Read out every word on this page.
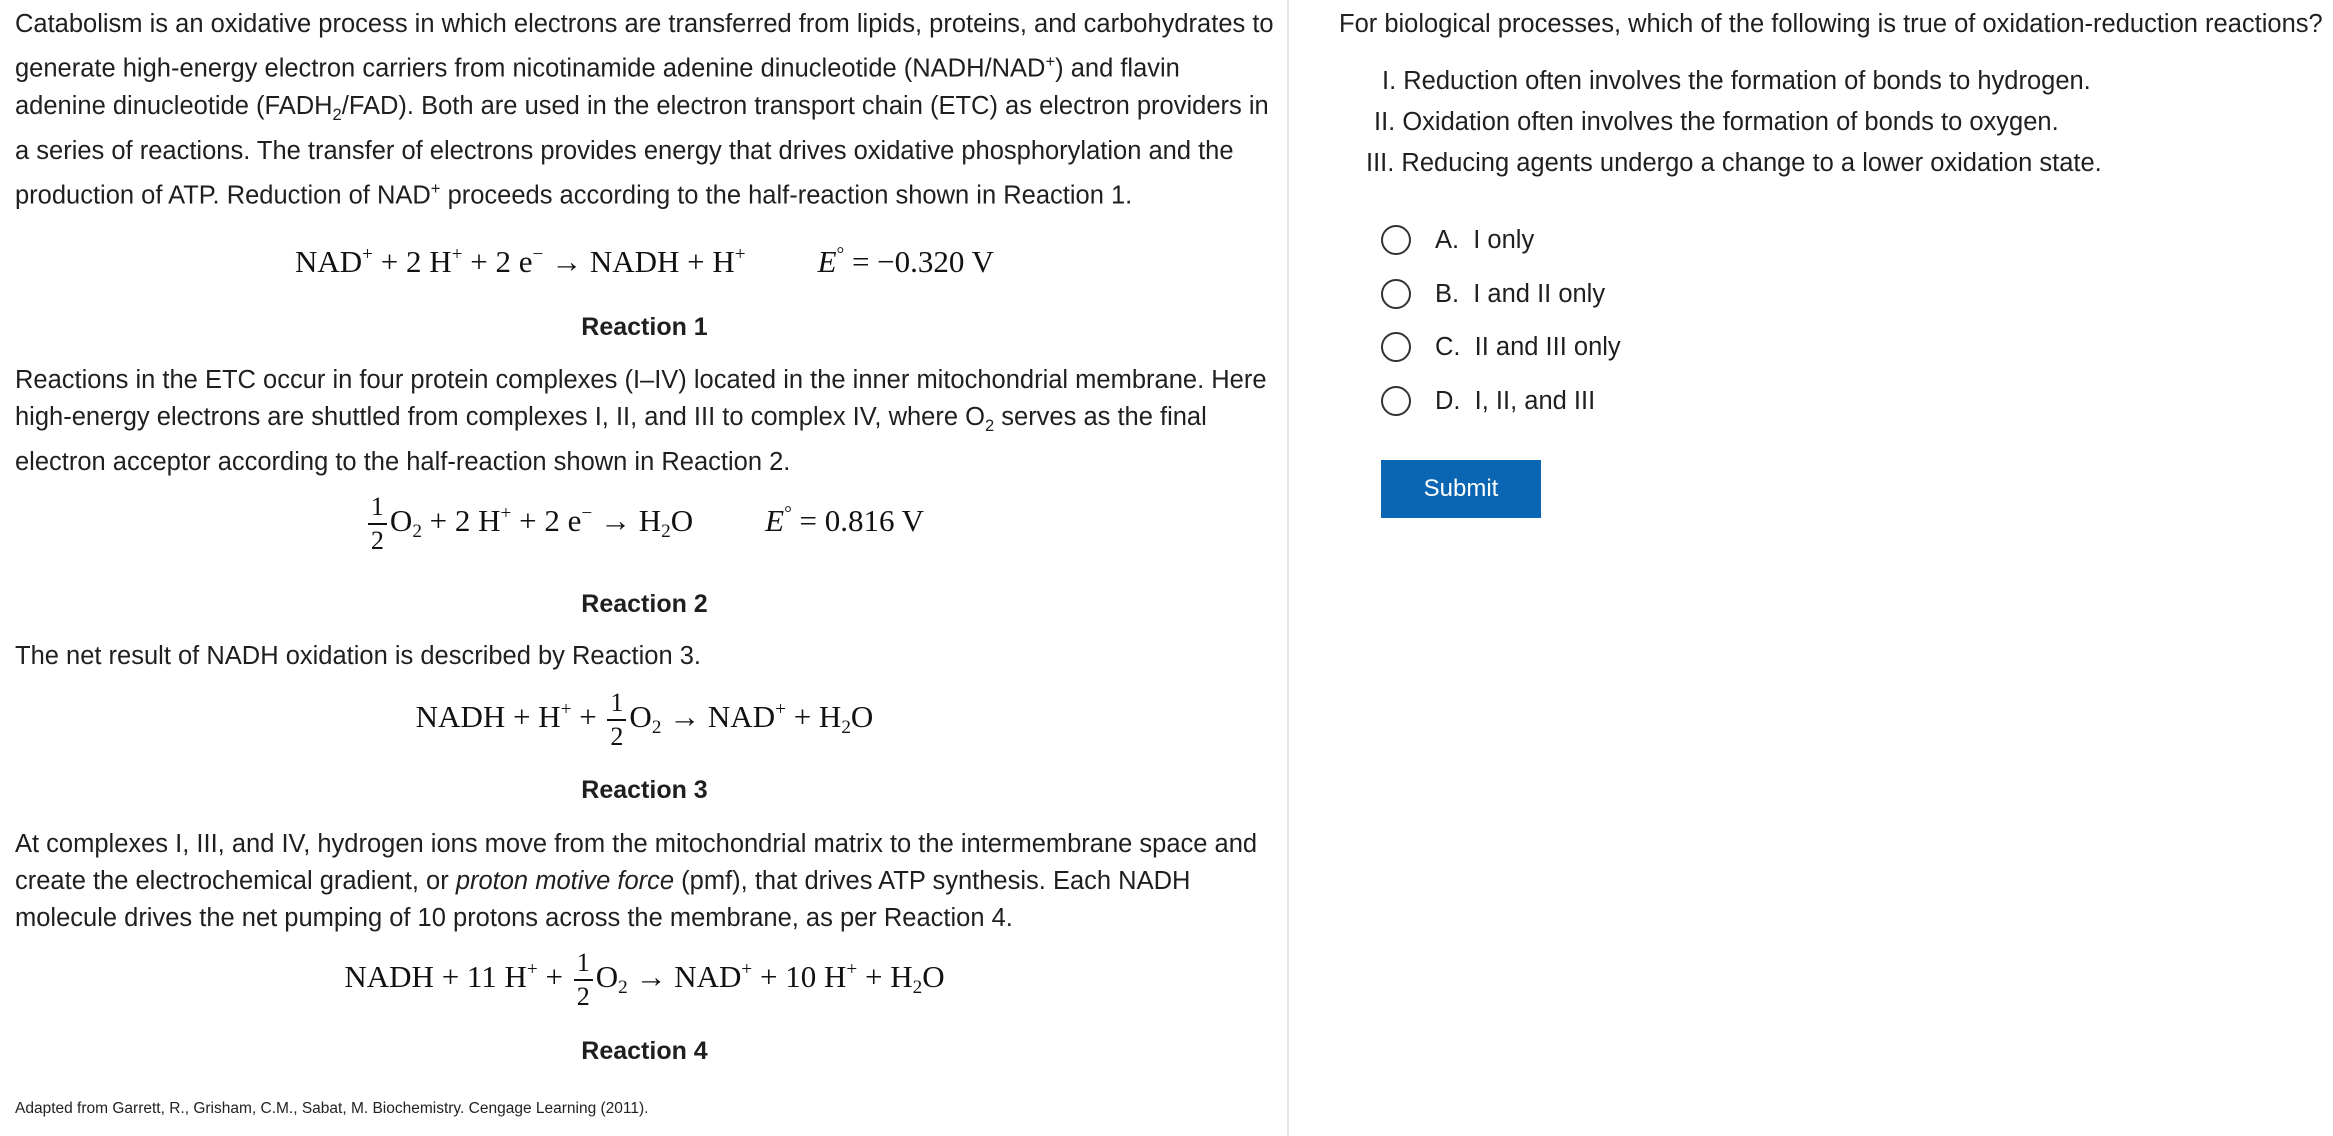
Catabolism is an oxidative process in which electrons are transferred from lipids, proteins, and carbohydrates to generate high-energy electron carriers from nicotinamide adenine dinucleotide (NADH/NAD+) and flavin adenine dinucleotide $(FADH_2/FAD)$. Both are used in the electron transport chain (ETC) as electron providers in a series of reactions. The transfer of electrons provides energy that drives oxidative phosphorylation and the production of ATP. Reduction of NAD+ proceeds according to the half-reaction shown in Reaction 1.

NAD+ + 2 H+ + 2 e− → NADH + H+ E° = −0.320 V
Reaction 1

Reactions in the ETC occur in four protein complexes (I–IV) located in the inner mitochondrial membrane. Here high-energy electrons are shuttled from complexes I, II, and III to complex IV, where $O_2$ serves as the final electron acceptor according to the half-reaction shown in Reaction 2.

$\frac{1}{2} O_2 + 2$ H+ + 2 $e^- \to H_2O$ E° = 0.816 V
Reaction 2

The net result of NADH oxidation is described by Reaction 3.

NADH + $H^+ + \frac{1}{2} O_2 \to NAD^+ + H_2O$
Reaction 3

At complexes I, III, and IV, hydrogen ions move from the mitochondrial matrix to the intermembrane space and create the electrochemical gradient, or proton motive force (pmf), that drives ATP synthesis. Each NADH molecule drives the net pumping of 10 protons across the membrane, as per Reaction 4.

NADH + 11 $H^+ + \frac{1}{2} O_2 \to NAD^+ + 10$ $H^+ + H_2O$
Reaction 4
Adapted from Garrett, R., Grisham, C.M., Sabat, M. Biochemistry. Cengage Learning (2011).
For biological processes, which of the following is true of oxidation-reduction reactions?
I. Reduction often involves the formation of bonds to hydrogen.
II. Oxidation often involves the formation of bonds to oxygen.
III. Reducing agents undergo a change to a lower oxidation state.
A. I only
B. I and II only
C. II and III only
D. I, II, and III
Submit
